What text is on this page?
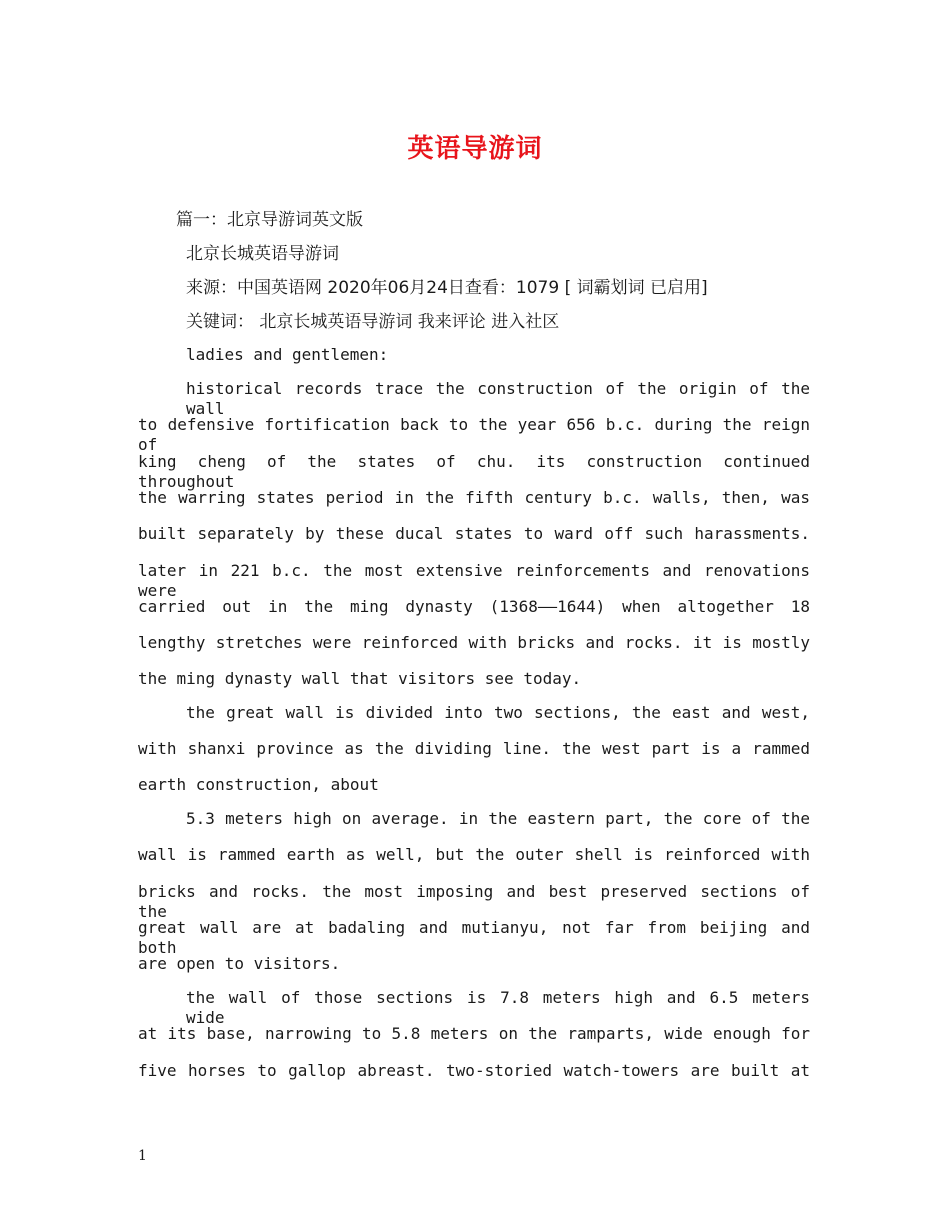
英语导游词
篇一：北京导游词英文版
北京长城英语导游词
来源：中国英语网 2020年06月24日查看：1079 [ 词霸划词 已启用]
关键词： 北京长城英语导游词 我来评论 进入社区
ladies and gentlemen:
historical records trace the construction of the origin of the wall
to defensive fortification back to the year 656 b.c. during the reign of
king cheng of the states of chu. its construction continued throughout
the warring states period in the fifth century b.c. walls, then, was
built separately by these ducal states to ward off such harassments.
later in 221 b.c. the most extensive reinforcements and renovations were
carried out in the ming dynasty (1368——1644) when altogether 18
lengthy stretches were reinforced with bricks and rocks. it is mostly
the ming dynasty wall that visitors see today.
the great wall is divided into two sections, the east and west,
with shanxi province as the dividing line. the west part is a rammed
earth construction, about
5.3 meters high on average. in the eastern part, the core of the
wall is rammed earth as well, but the outer shell is reinforced with
bricks and rocks. the most imposing and best preserved sections of the
great wall are at badaling and mutianyu, not far from beijing and both
are open to visitors.
the wall of those sections is 7.8 meters high and 6.5 meters wide
at its base, narrowing to 5.8 meters on the ramparts, wide enough for
five horses to gallop abreast. two-storied watch-towers are built at
1
